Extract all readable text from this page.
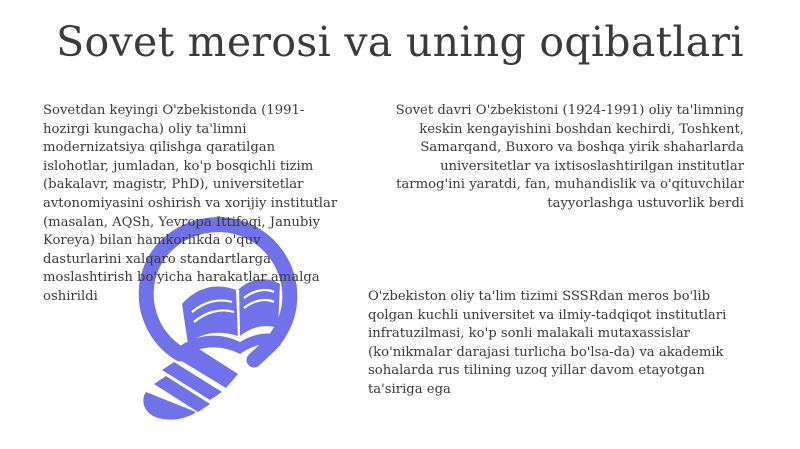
Sovet merosi va uning oqibatlari
Sovetdan keyingi O'zbekistonda (1991-hozirgi kungacha) oliy ta'limni modernizatsiya qilishga qaratilgan islohotlar, jumladan, ko'p bosqichli tizim (bakalavr, magistr, PhD), universitetlar avtonomiyasini oshirish va xorijiy institutlar (masalan, AQSh, Yevropa Ittifoqi, Janubiy Koreya) bilan hamkorlikda o'quv dasturlarini xalqaro standartlarga moslashtirish bo'yicha harakatlar amalga oshirildi
Sovet davri O'zbekistoni (1924-1991) oliy ta'limning keskin kengayishini boshdan kechirdi, Toshkent, Samarqand, Buxoro va boshqa yirik shaharlarda universitetlar va ixtisoslashtirilgan institutlar tarmog'ini yaratdi, fan, muhandislik va o'qituvchilar tayyorlashga ustuvorlik berdi
O'zbekiston oliy ta'lim tizimi SSSRdan meros bo'lib qolgan kuchli universitet va ilmiy-tadqiqot institutlari infratuzilmasi, ko'p sonli malakali mutaxassislar (ko'nikmalar darajasi turlicha bo'lsa-da) va akademik sohalarda rus tilining uzoq yillar davom etayotgan ta'siriga ega
